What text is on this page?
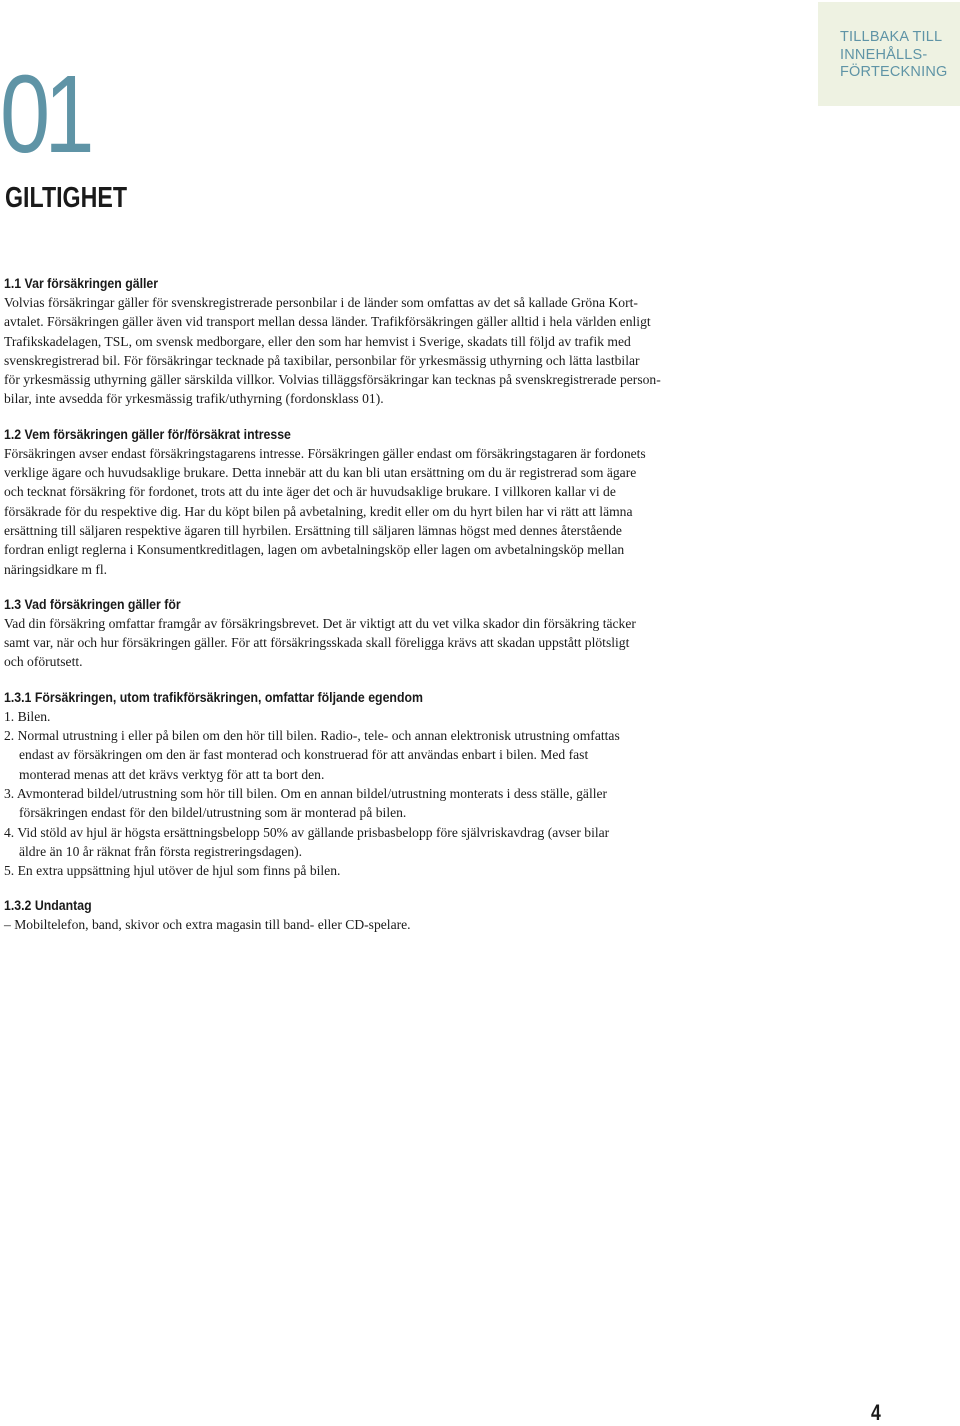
TILLBAKA TILL
INNEHÅLLS-
FÖRTECKNING
01
GILTIGHET
1.1 Var försäkringen gäller

Volvias försäkringar gäller för svenskregistrerade personbilar i de länder som omfattas av det så kallade Gröna Kort-
avtalet. Försäkringen gäller även vid transport mellan dessa länder. Trafikförsäkringen gäller alltid i hela världen enligt
Trafikskadelagen, TSL, om svensk medborgare, eller den som har hemvist i Sverige, skadats till följd av trafik med
svenskregistrerad bil. För försäkringar tecknade på taxibilar, personbilar för yrkesmässig uthyrning och lätta lastbilar
för yrkesmässig uthyrning gäller särskilda villkor. Volvias tilläggsförsäkringar kan tecknas på svenskregistrerade person-
bilar, inte avsedda för yrkesmässig trafik/uthyrning (fordonsklass 01).

1.2 Vem försäkringen gäller för/försäkrat intresse

Försäkringen avser endast försäkringstagarens intresse. Försäkringen gäller endast om försäkringstagaren är fordonets
verklige ägare och huvudsaklige brukare. Detta innebär att du kan bli utan ersättning om du är registrerad som ägare
och tecknat försäkring för fordonet, trots att du inte äger det och är huvudsaklige brukare. I villkoren kallar vi de
försäkrade för du respektive dig. Har du köpt bilen på avbetalning, kredit eller om du hyrt bilen har vi rätt att lämna
ersättning till säljaren respektive ägaren till hyrbilen. Ersättning till säljaren lämnas högst med dennes återstående
fordran enligt reglerna i Konsumentkreditlagen, lagen om avbetalningsköp eller lagen om avbetalningsköp mellan
näringsidkare m fl.

1.3 Vad försäkringen gäller för

Vad din försäkring omfattar framgår av försäkringsbrevet. Det är viktigt att du vet vilka skador din försäkring täcker
samt var, när och hur försäkringen gäller. För att försäkringsskada skall föreligga krävs att skadan uppstått plötsligt
och oförutsett.

1.3.1 Försäkringen, utom trafikförsäkringen, omfattar följande egendom
1. Bilen.
2. Normal utrustning i eller på bilen om den hör till bilen. Radio-, tele- och annan elektronisk utrustning omfattas
endast av försäkringen om den är fast monterad och konstruerad för att användas enbart i bilen. Med fast
monterad menas att det krävs verktyg för att ta bort den.
3. Avmonterad bildel/utrustning som hör till bilen. Om en annan bildel/utrustning monterats i dess ställe, gäller
försäkringen endast för den bildel/utrustning som är monterad på bilen.
4. Vid stöld av hjul är högsta ersättningsbelopp 50% av gällande prisbasbelopp före självriskavdrag (avser bilar
äldre än 10 år räknat från första registreringsdagen).
5. En extra uppsättning hjul utöver de hjul som finns på bilen.
1.3.2 Undantag

– Mobiltelefon, band, skivor och extra magasin till band- eller CD-spelare.

4
